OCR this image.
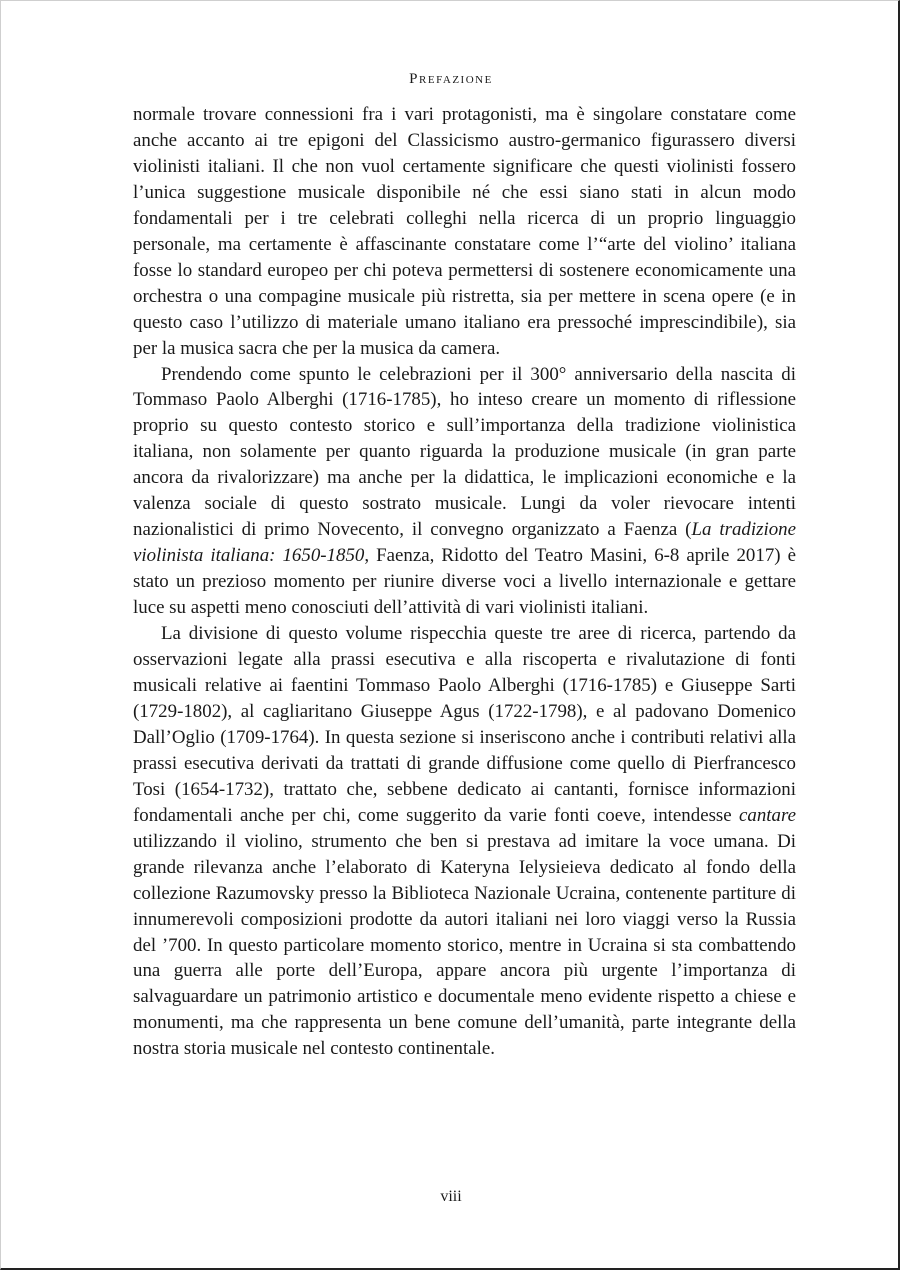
Prefazione

normale trovare connessioni fra i vari protagonisti, ma è singolare constatare come anche accanto ai tre epigoni del Classicismo austro-germanico figurassero diversi violinisti italiani. Il che non vuol certamente significare che questi violinisti fossero l’unica suggestione musicale disponibile né che essi siano stati in alcun modo fondamentali per i tre celebrati colleghi nella ricerca di un proprio linguaggio personale, ma certamente è affascinante constatare come l’“arte del violino’ italiana fosse lo standard europeo per chi poteva permettersi di sostenere economicamente una orchestra o una compagine musicale più ristretta, sia per mettere in scena opere (e in questo caso l’utilizzo di materiale umano italiano era pressoché imprescindibile), sia per la musica sacra che per la musica da camera.

Prendendo come spunto le celebrazioni per il 300° anniversario della nascita di Tommaso Paolo Alberghi (1716-1785), ho inteso creare un momento di riflessione proprio su questo contesto storico e sull’importanza della tradizione violinistica italiana, non solamente per quanto riguarda la produzione musicale (in gran parte ancora da rivalorizzare) ma anche per la didattica, le implicazioni economiche e la valenza sociale di questo sostrato musicale. Lungi da voler rievocare intenti nazionalistici di primo Novecento, il convegno organizzato a Faenza (La tradizione violinista italiana: 1650-1850, Faenza, Ridotto del Teatro Masini, 6-8 aprile 2017) è stato un prezioso momento per riunire diverse voci a livello internazionale e gettare luce su aspetti meno conosciuti dell’attività di vari violinisti italiani.

La divisione di questo volume rispecchia queste tre aree di ricerca, partendo da osservazioni legate alla prassi esecutiva e alla riscoperta e rivalutazione di fonti musicali relative ai faentini Tommaso Paolo Alberghi (1716-1785) e Giuseppe Sarti (1729-1802), al cagliaritano Giuseppe Agus (1722-1798), e al padovano Domenico Dall’Oglio (1709-1764). In questa sezione si inseriscono anche i contributi relativi alla prassi esecutiva derivati da trattati di grande diffusione come quello di Pierfrancesco Tosi (1654-1732), trattato che, sebbene dedicato ai cantanti, fornisce informazioni fondamentali anche per chi, come suggerito da varie fonti coeve, intendesse cantare utilizzando il violino, strumento che ben si prestava ad imitare la voce umana. Di grande rilevanza anche l’elaborato di Kateryna Ielysieieva dedicato al fondo della collezione Razumovsky presso la Biblioteca Nazionale Ucraina, contenente partiture di innumerevoli composizioni prodotte da autori italiani nei loro viaggi verso la Russia del ’700. In questo particolare momento storico, mentre in Ucraina si sta combattendo una guerra alle porte dell’Europa, appare ancora più urgente l’importanza di salvaguardare un patrimonio artistico e documentale meno evidente rispetto a chiese e monumenti, ma che rappresenta un bene comune dell’umanità, parte integrante della nostra storia musicale nel contesto continentale.

viii
